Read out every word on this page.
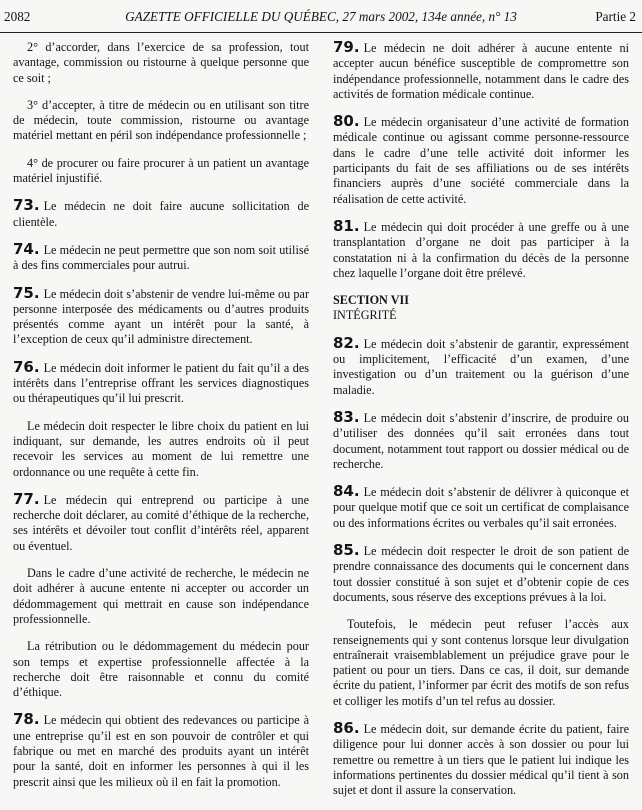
2082	GAZETTE OFFICIELLE DU QUÉBEC, 27 mars 2002, 134e année, n° 13	Partie 2

2° d’accorder, dans l’exercice de sa profession, tout avantage, commission ou ristourne à quelque personne que ce soit ;

3° d’accepter, à titre de médecin ou en utilisant son titre de médecin, toute commission, ristourne ou avantage matériel mettant en péril son indépendance professionnelle ;

4° de procurer ou faire procurer à un patient un avantage matériel injustifié.

73. Le médecin ne doit faire aucune sollicitation de clientèle.

74. Le médecin ne peut permettre que son nom soit utilisé à des fins commerciales pour autrui.

75. Le médecin doit s’abstenir de vendre lui-même ou par personne interposée des médicaments ou d’autres produits présentés comme ayant un intérêt pour la santé, à l’exception de ceux qu’il administre directement.

76. Le médecin doit informer le patient du fait qu’il a des intérêts dans l’entreprise offrant les services diagnostiques ou thérapeutiques qu’il lui prescrit.

Le médecin doit respecter le libre choix du patient en lui indiquant, sur demande, les autres endroits où il peut recevoir les services au moment de lui remettre une ordonnance ou une requête à cette fin.

77. Le médecin qui entreprend ou participe à une recherche doit déclarer, au comité d’éthique de la recherche, ses intérêts et dévoiler tout conflit d’intérêts réel, apparent ou éventuel.

Dans le cadre d’une activité de recherche, le médecin ne doit adhérer à aucune entente ni accepter ou accorder un dédommagement qui mettrait en cause son indépendance professionnelle.

La rétribution ou le dédommagement du médecin pour son temps et expertise professionnelle affectée à la recherche doit être raisonnable et connu du comité d’éthique.

78. Le médecin qui obtient des redevances ou participe à une entreprise qu’il est en son pouvoir de contrôler et qui fabrique ou met en marché des produits ayant un intérêt pour la santé, doit en informer les personnes à qui il les prescrit ainsi que les milieux où il en fait la promotion.

79. Le médecin ne doit adhérer à aucune entente ni accepter aucun bénéfice susceptible de compromettre son indépendance professionnelle, notamment dans le cadre des activités de formation médicale continue.

80. Le médecin organisateur d’une activité de formation médicale continue ou agissant comme personne-ressource dans le cadre d’une telle activité doit informer les participants du fait de ses affiliations ou de ses intérêts financiers auprès d’une société commerciale dans la réalisation de cette activité.

81. Le médecin qui doit procéder à une greffe ou à une transplantation d’organe ne doit pas participer à la constatation ni à la confirmation du décès de la personne chez laquelle l’organe doit être prélevé.

SECTION VII
INTÉGRITÉ

82. Le médecin doit s’abstenir de garantir, expressément ou implicitement, l’efficacité d’un examen, d’une investigation ou d’un traitement ou la guérison d’une maladie.

83. Le médecin doit s’abstenir d’inscrire, de produire ou d’utiliser des données qu’il sait erronées dans tout document, notamment tout rapport ou dossier médical ou de recherche.

84. Le médecin doit s’abstenir de délivrer à quiconque et pour quelque motif que ce soit un certificat de complaisance ou des informations écrites ou verbales qu’il sait erronées.

85. Le médecin doit respecter le droit de son patient de prendre connaissance des documents qui le concernent dans tout dossier constitué à son sujet et d’obtenir copie de ces documents, sous réserve des exceptions prévues à la loi.

Toutefois, le médecin peut refuser l’accès aux renseignements qui y sont contenus lorsque leur divulgation entraînerait vraisemblablement un préjudice grave pour le patient ou pour un tiers. Dans ce cas, il doit, sur demande écrite du patient, l’informer par écrit des motifs de son refus et colliger les motifs d’un tel refus au dossier.

86. Le médecin doit, sur demande écrite du patient, faire diligence pour lui donner accès à son dossier ou pour lui remettre ou remettre à un tiers que le patient lui indique les informations pertinentes du dossier médical qu’il tient à son sujet et dont il assure la conservation.
